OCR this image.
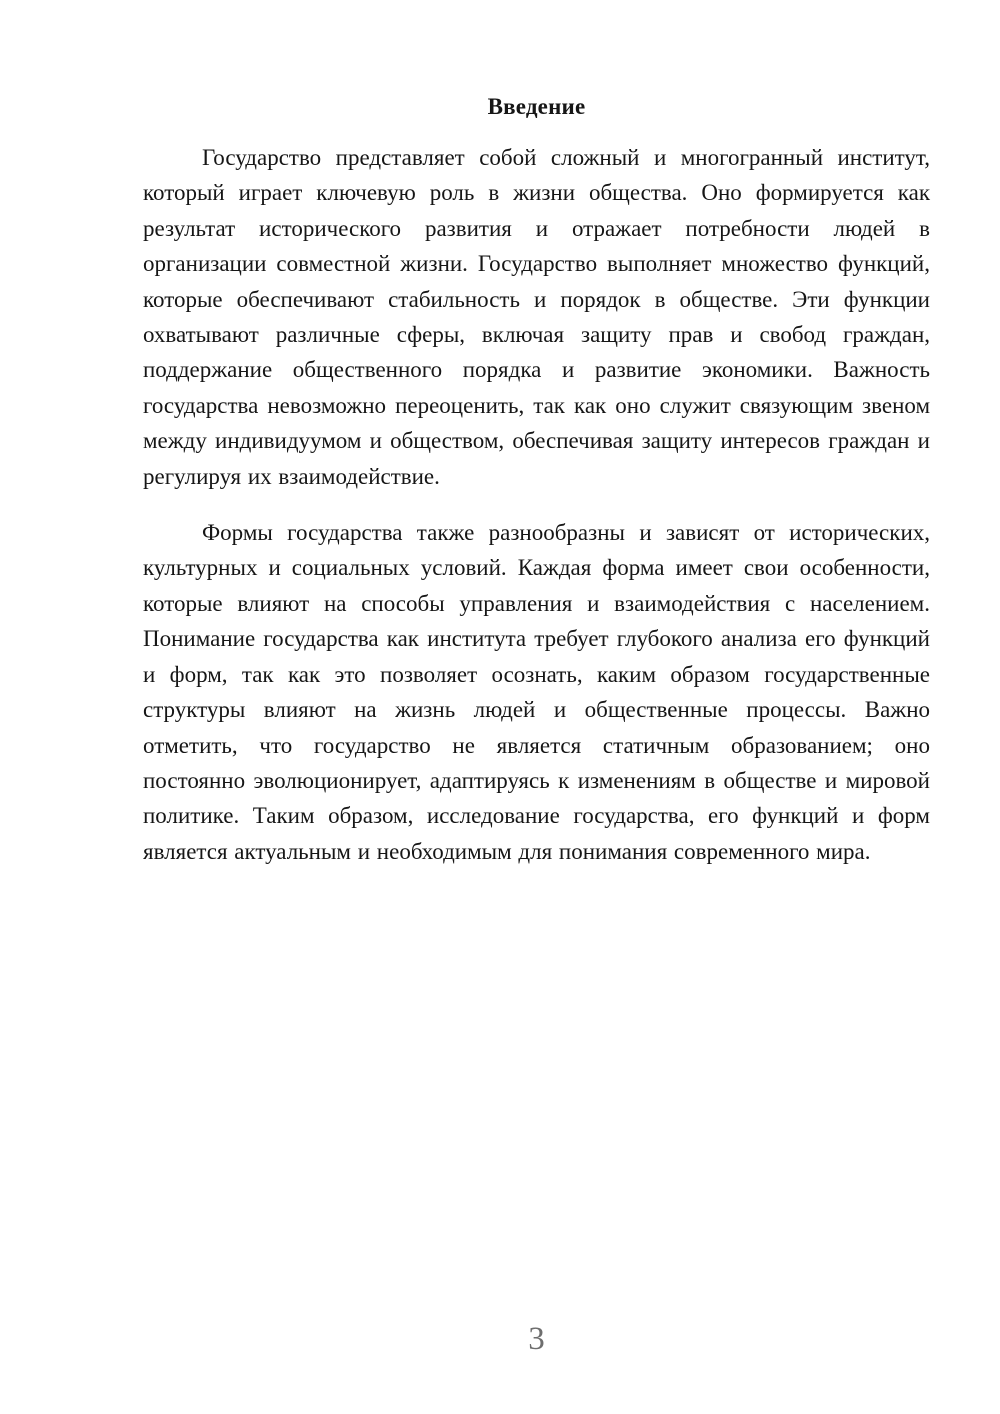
Введение

Государство представляет собой сложный и многогранный институт, который играет ключевую роль в жизни общества. Оно формируется как результат исторического развития и отражает потребности людей в организации совместной жизни. Государство выполняет множество функций, которые обеспечивают стабильность и порядок в обществе. Эти функции охватывают различные сферы, включая защиту прав и свобод граждан, поддержание общественного порядка и развитие экономики. Важность государства невозможно переоценить, так как оно служит связующим звеном между индивидуумом и обществом, обеспечивая защиту интересов граждан и регулируя их взаимодействие.

Формы государства также разнообразны и зависят от исторических, культурных и социальных условий. Каждая форма имеет свои особенности, которые влияют на способы управления и взаимодействия с населением. Понимание государства как института требует глубокого анализа его функций и форм, так как это позволяет осознать, каким образом государственные структуры влияют на жизнь людей и общественные процессы. Важно отметить, что государство не является статичным образованием; оно постоянно эволюционирует, адаптируясь к изменениям в обществе и мировой политике. Таким образом, исследование государства, его функций и форм является актуальным и необходимым для понимания современного мира.

3
